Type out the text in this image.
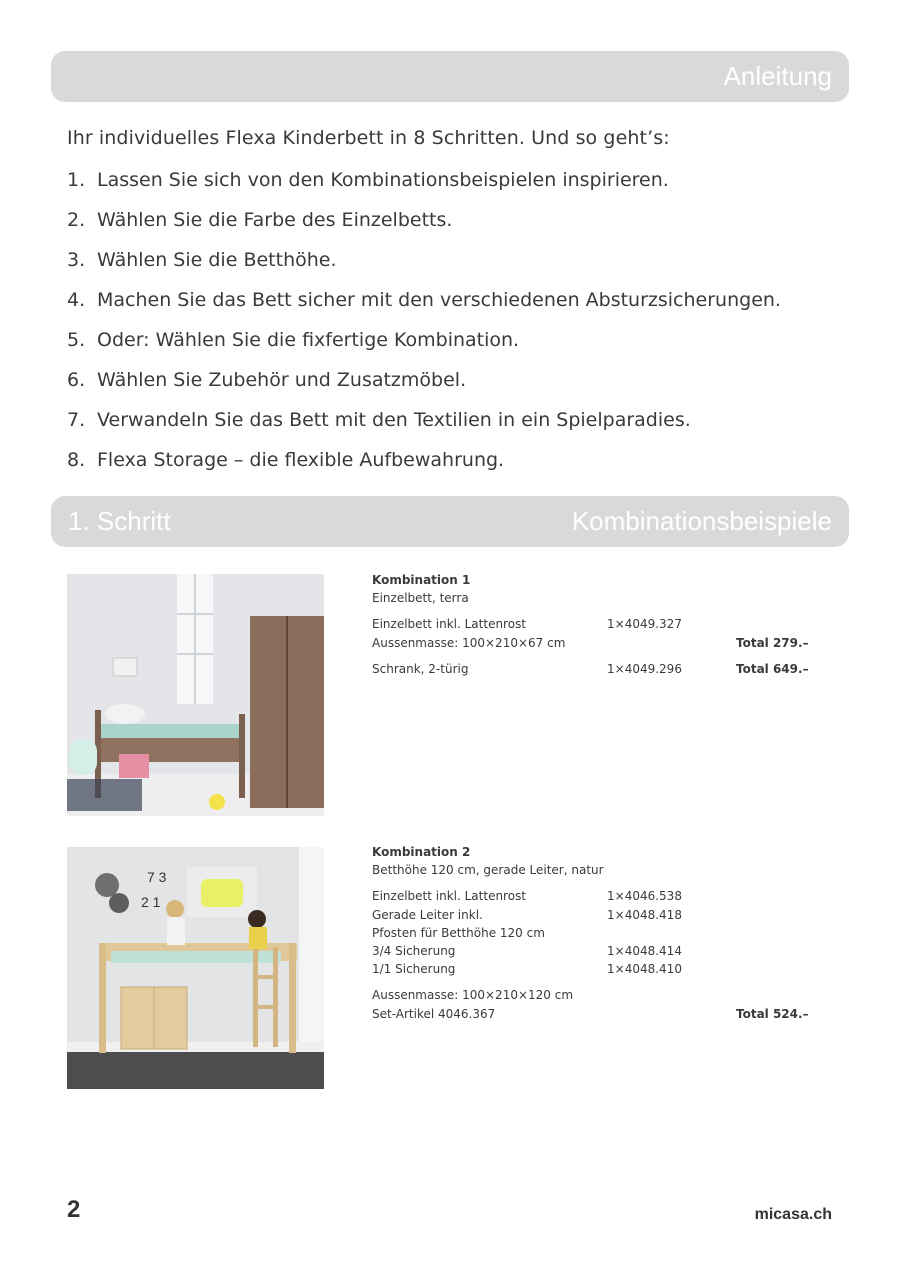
Anleitung

Ihr individuelles Flexa Kinderbett in 8 Schritten. Und so geht’s:

1. Lassen Sie sich von den Kombinationsbeispielen inspirieren.
2. Wählen Sie die Farbe des Einzelbetts.
3. Wählen Sie die Betthöhe.
4. Machen Sie das Bett sicher mit den verschiedenen Absturzsicherungen.
5. Oder: Wählen Sie die fixfertige Kombination.
6. Wählen Sie Zubehör und Zusatzmöbel.
7. Verwandeln Sie das Bett mit den Textilien in ein Spielparadies.
8. Flexa Storage – die flexible Aufbewahrung.
1. Schritt	Kombinationsbeispiele
Kombination 1
Einzelbett, terra
Einzelbett inkl. Lattenrost	1×4049.327
Aussenmasse: 100×210×67 cm	Total 279.–
Schrank, 2-türig	1×4049.296	Total 649.–
7 3
2 1
Kombination 2
Betthöhe 120 cm, gerade Leiter, natur
Einzelbett inkl. Lattenrost	1×4046.538
Gerade Leiter inkl.	1×4048.418
Pfosten für Betthöhe 120 cm
3/4 Sicherung	1×4048.414
1/1 Sicherung	1×4048.410
Aussenmasse: 100×210×120 cm
Set-Artikel 4046.367	Total 524.–
2	micasa.ch
